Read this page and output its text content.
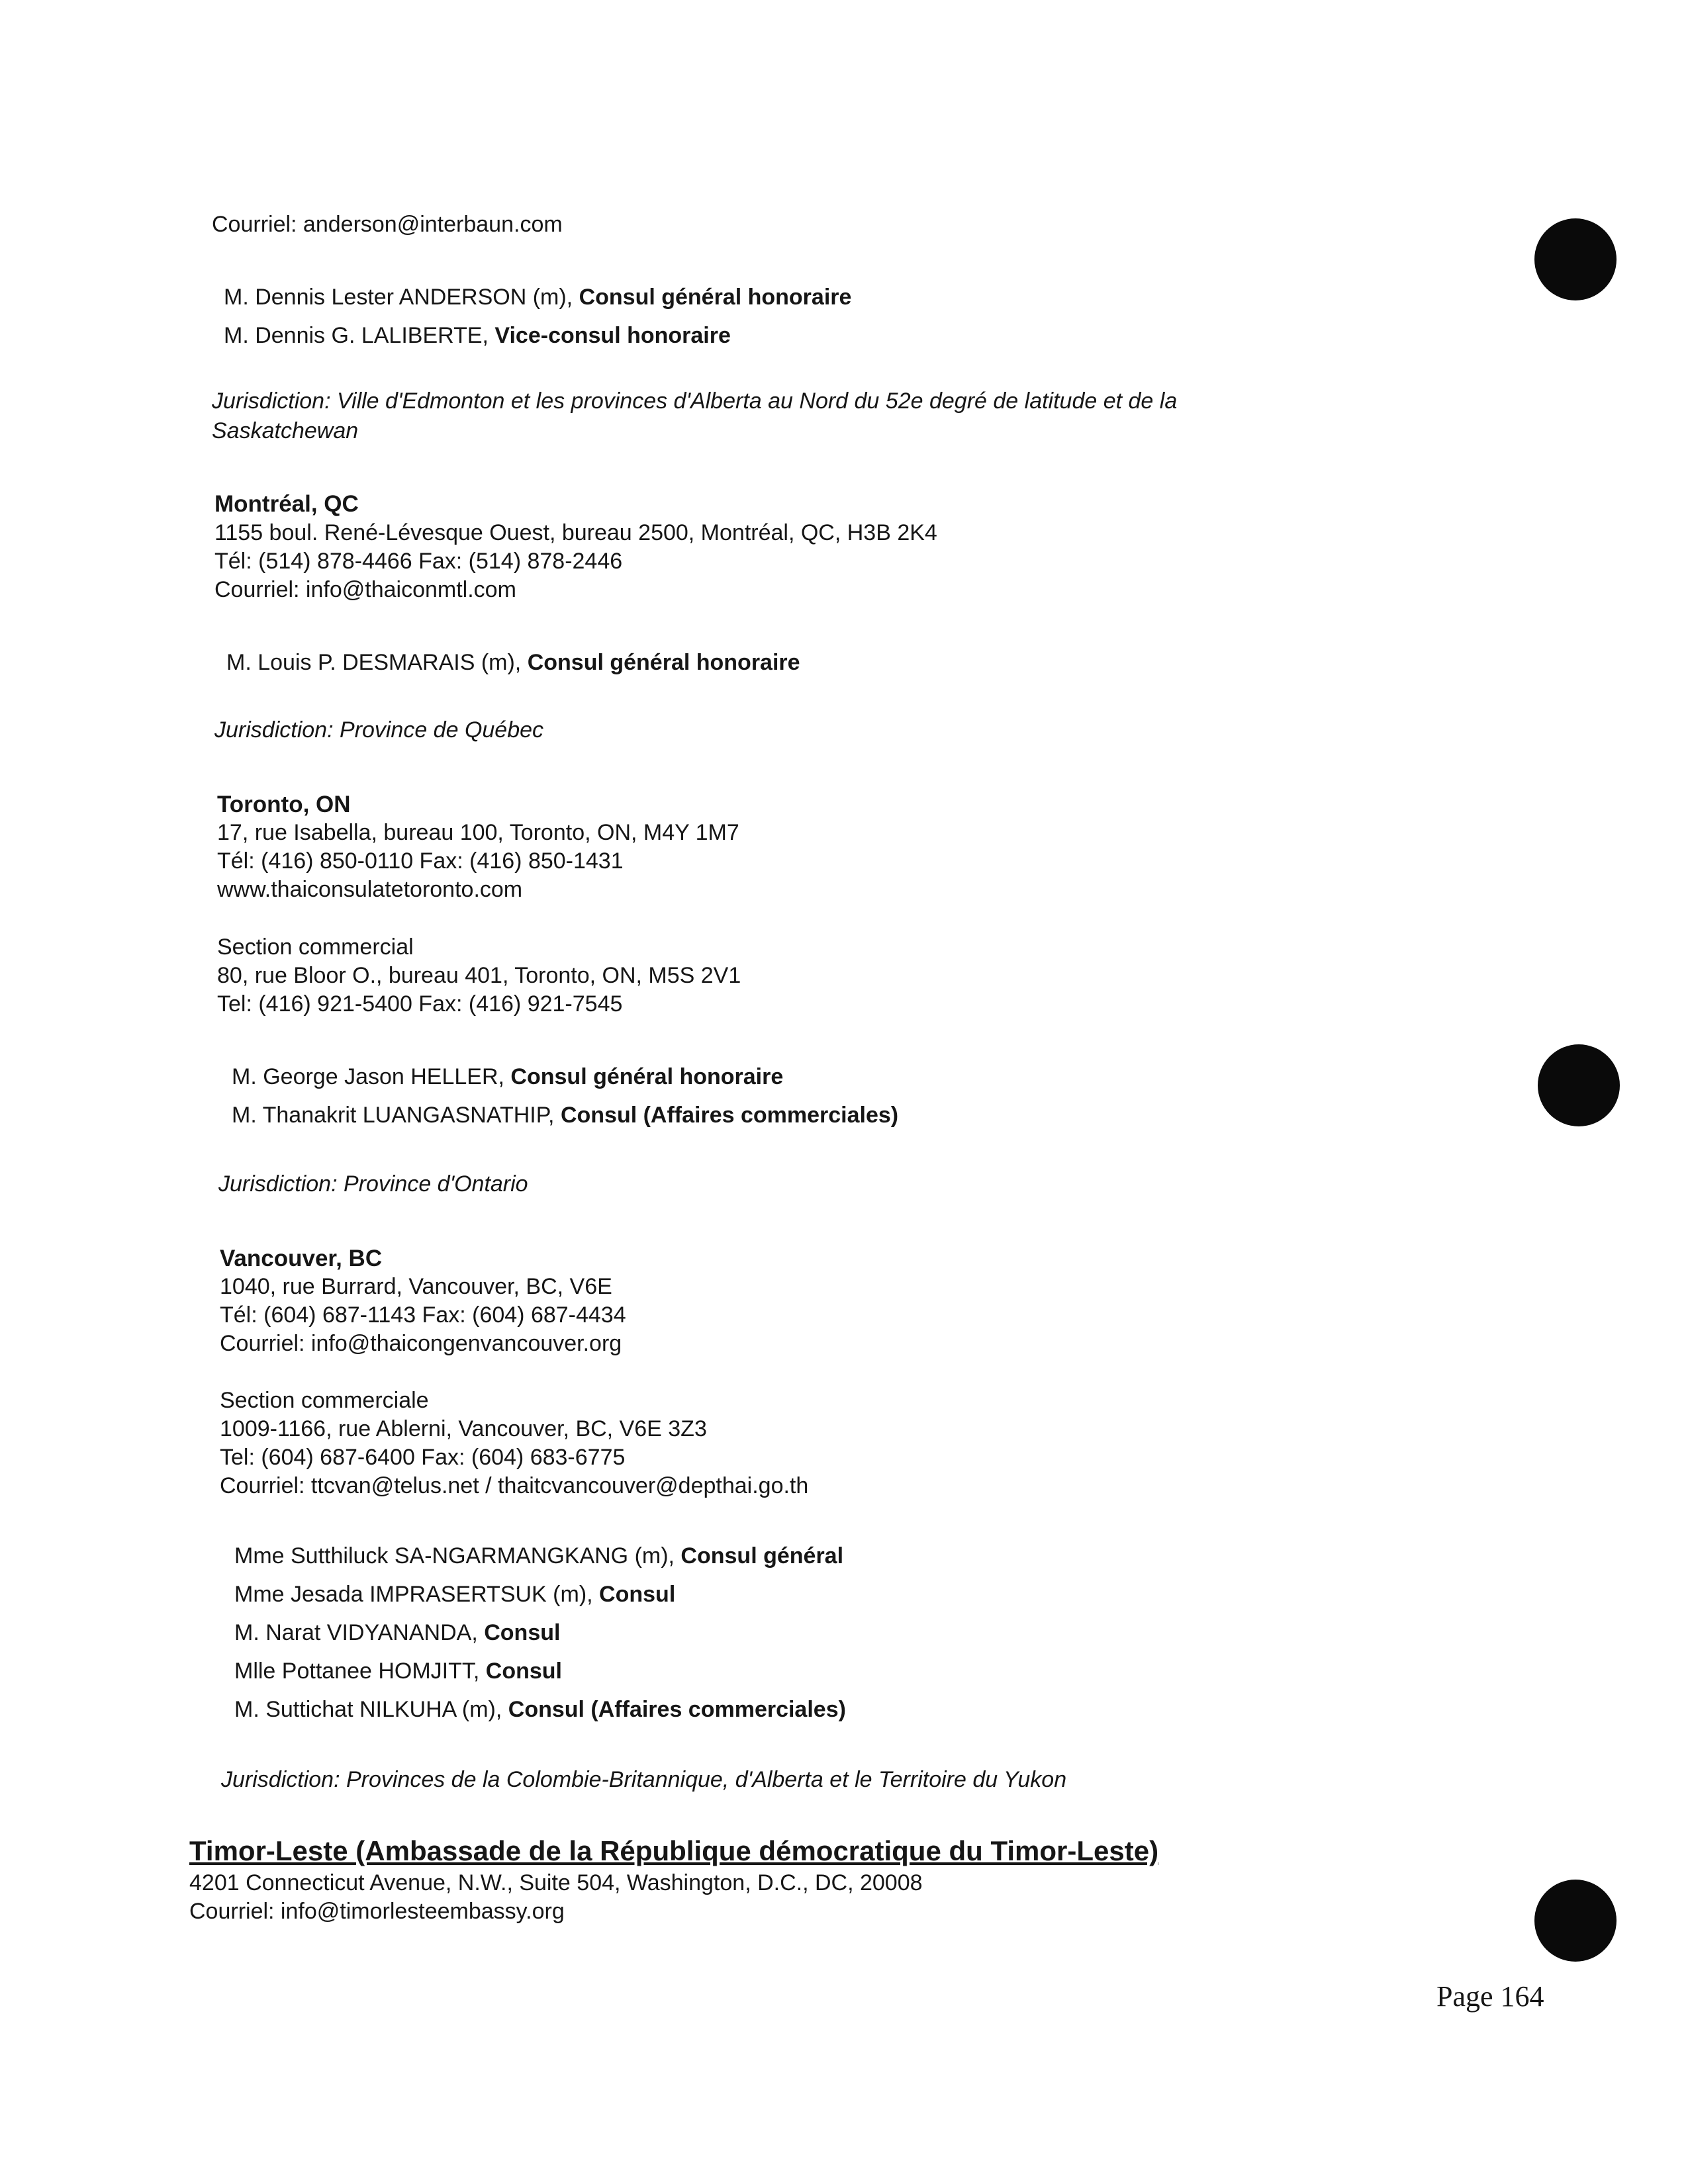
Courriel: anderson@interbaun.com
M. Dennis Lester ANDERSON (m), Consul général honoraire
M. Dennis G. LALIBERTE, Vice-consul honoraire
Jurisdiction: Ville d'Edmonton et les provinces d'Alberta au Nord du 52e degré de latitude et de la
Saskatchewan
Montréal, QC
1155 boul. René-Lévesque Ouest, bureau 2500, Montréal, QC, H3B 2K4
Tél: (514) 878-4466 Fax: (514) 878-2446
Courriel: info@thaiconmtl.com
M. Louis P. DESMARAIS (m), Consul général honoraire
Jurisdiction: Province de Québec
Toronto, ON
17, rue Isabella, bureau 100, Toronto, ON, M4Y 1M7
Tél: (416) 850-0110 Fax: (416) 850-1431
www.thaiconsulatetoronto.com
Section commercial
80, rue Bloor O., bureau 401, Toronto, ON, M5S 2V1
Tel: (416) 921-5400 Fax: (416) 921-7545
M. George Jason HELLER, Consul général honoraire
M. Thanakrit LUANGASNATHIP, Consul (Affaires commerciales)
Jurisdiction: Province d'Ontario
Vancouver, BC
1040, rue Burrard, Vancouver, BC, V6E
Tél: (604) 687-1143 Fax: (604) 687-4434
Courriel: info@thaicongenvancouver.org
Section commerciale
1009-1166, rue Ablerni, Vancouver, BC, V6E 3Z3
Tel: (604) 687-6400 Fax: (604) 683-6775
Courriel: ttcvan@telus.net / thaitcvancouver@depthai.go.th
Mme Sutthiluck SA-NGARMANGKANG (m), Consul général
Mme Jesada IMPRASERTSUK (m), Consul
M. Narat VIDYANANDA, Consul
Mlle Pottanee HOMJITT, Consul
M. Suttichat NILKUHA (m), Consul (Affaires commerciales)
Jurisdiction: Provinces de la Colombie-Britannique, d'Alberta et le Territoire du Yukon
Timor-Leste (Ambassade de la République démocratique du Timor-Leste)
4201 Connecticut Avenue, N.W., Suite 504, Washington, D.C., DC, 20008
Courriel: info@timorlesteembassy.org
Page 164
